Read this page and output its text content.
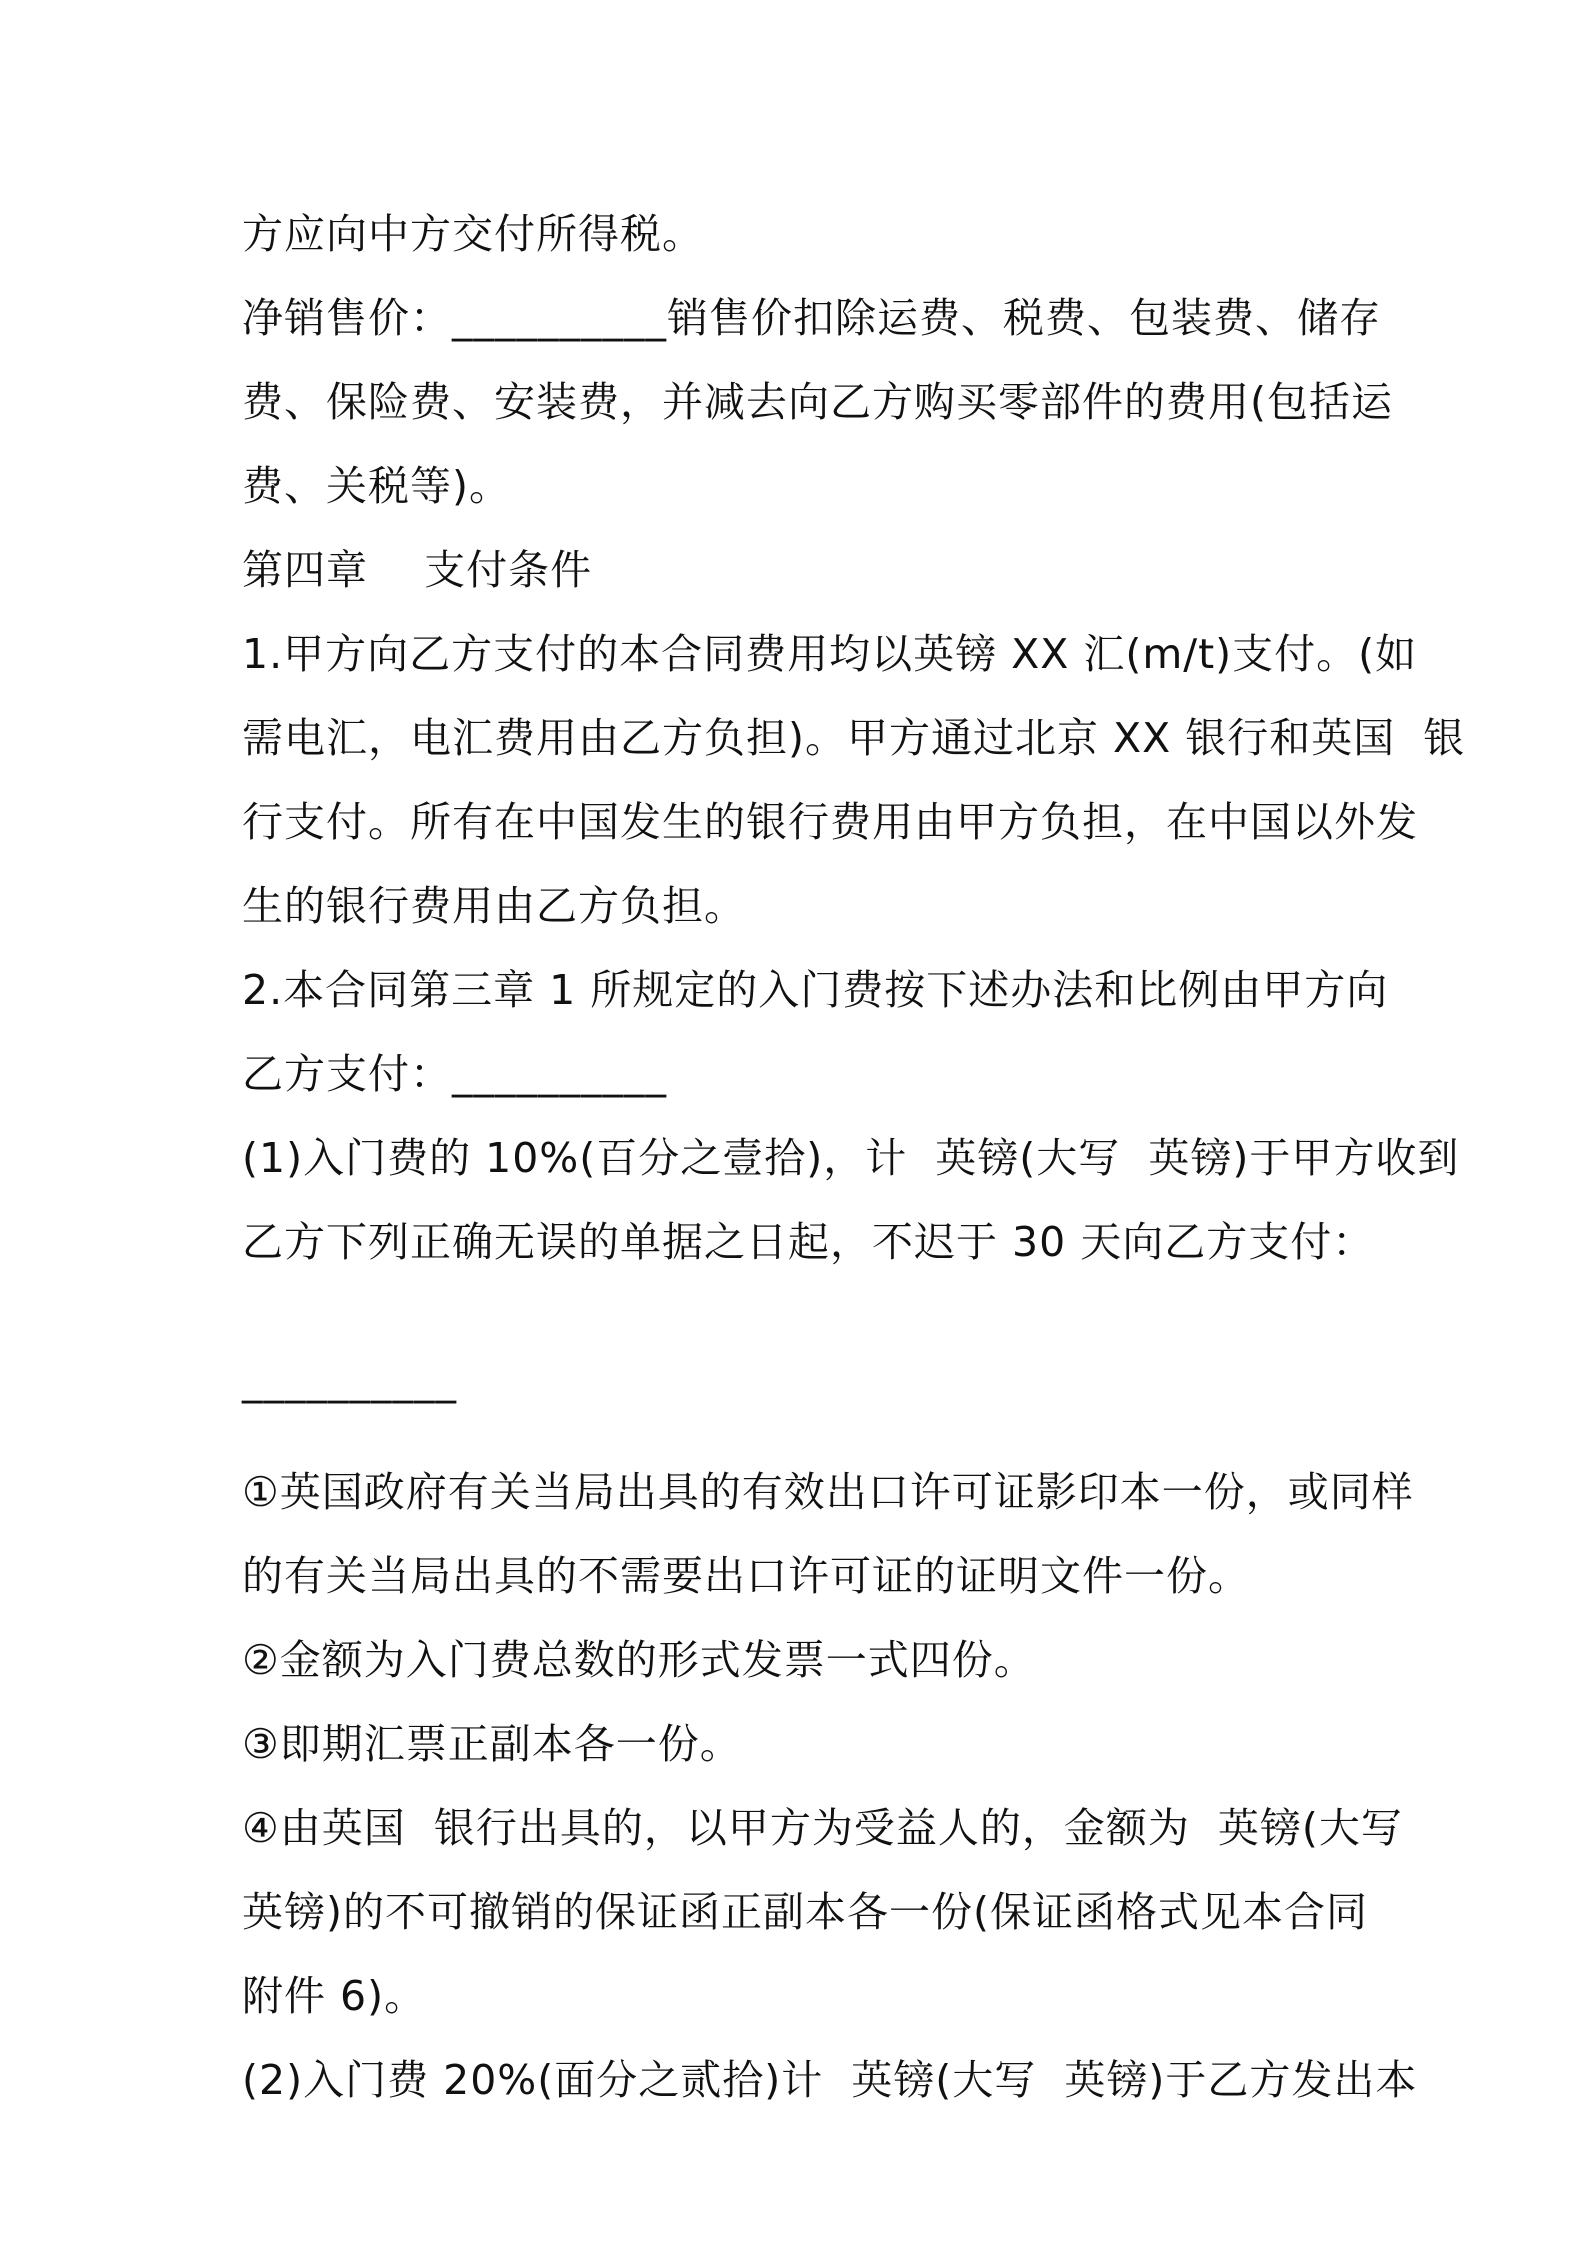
方应向中方交付所得税。
净销售价：__________销售价扣除运费、税费、包装费、储存
费、保险费、安装费，并减去向乙方购买零部件的费用(包括运
费、关税等)。
第四章    支付条件
1.甲方向乙方支付的本合同费用均以英镑 XX 汇(m/t)支付。(如
需电汇，电汇费用由乙方负担)。甲方通过北京 XX 银行和英国  银
行支付。所有在中国发生的银行费用由甲方负担，在中国以外发
生的银行费用由乙方负担。
2.本合同第三章 1 所规定的入门费按下述办法和比例由甲方向
乙方支付：__________
(1)入门费的 10%(百分之壹拾)，计  英镑(大写  英镑)于甲方收到
乙方下列正确无误的单据之日起，不迟于 30 天向乙方支付：
__________
①英国政府有关当局出具的有效出口许可证影印本一份，或同样
的有关当局出具的不需要出口许可证的证明文件一份。
②金额为入门费总数的形式发票一式四份。
③即期汇票正副本各一份。
④由英国  银行出具的，以甲方为受益人的，金额为  英镑(大写
英镑)的不可撤销的保证函正副本各一份(保证函格式见本合同
附件 6)。
(2)入门费 20%(面分之贰拾)计  英镑(大写  英镑)于乙方发出本
